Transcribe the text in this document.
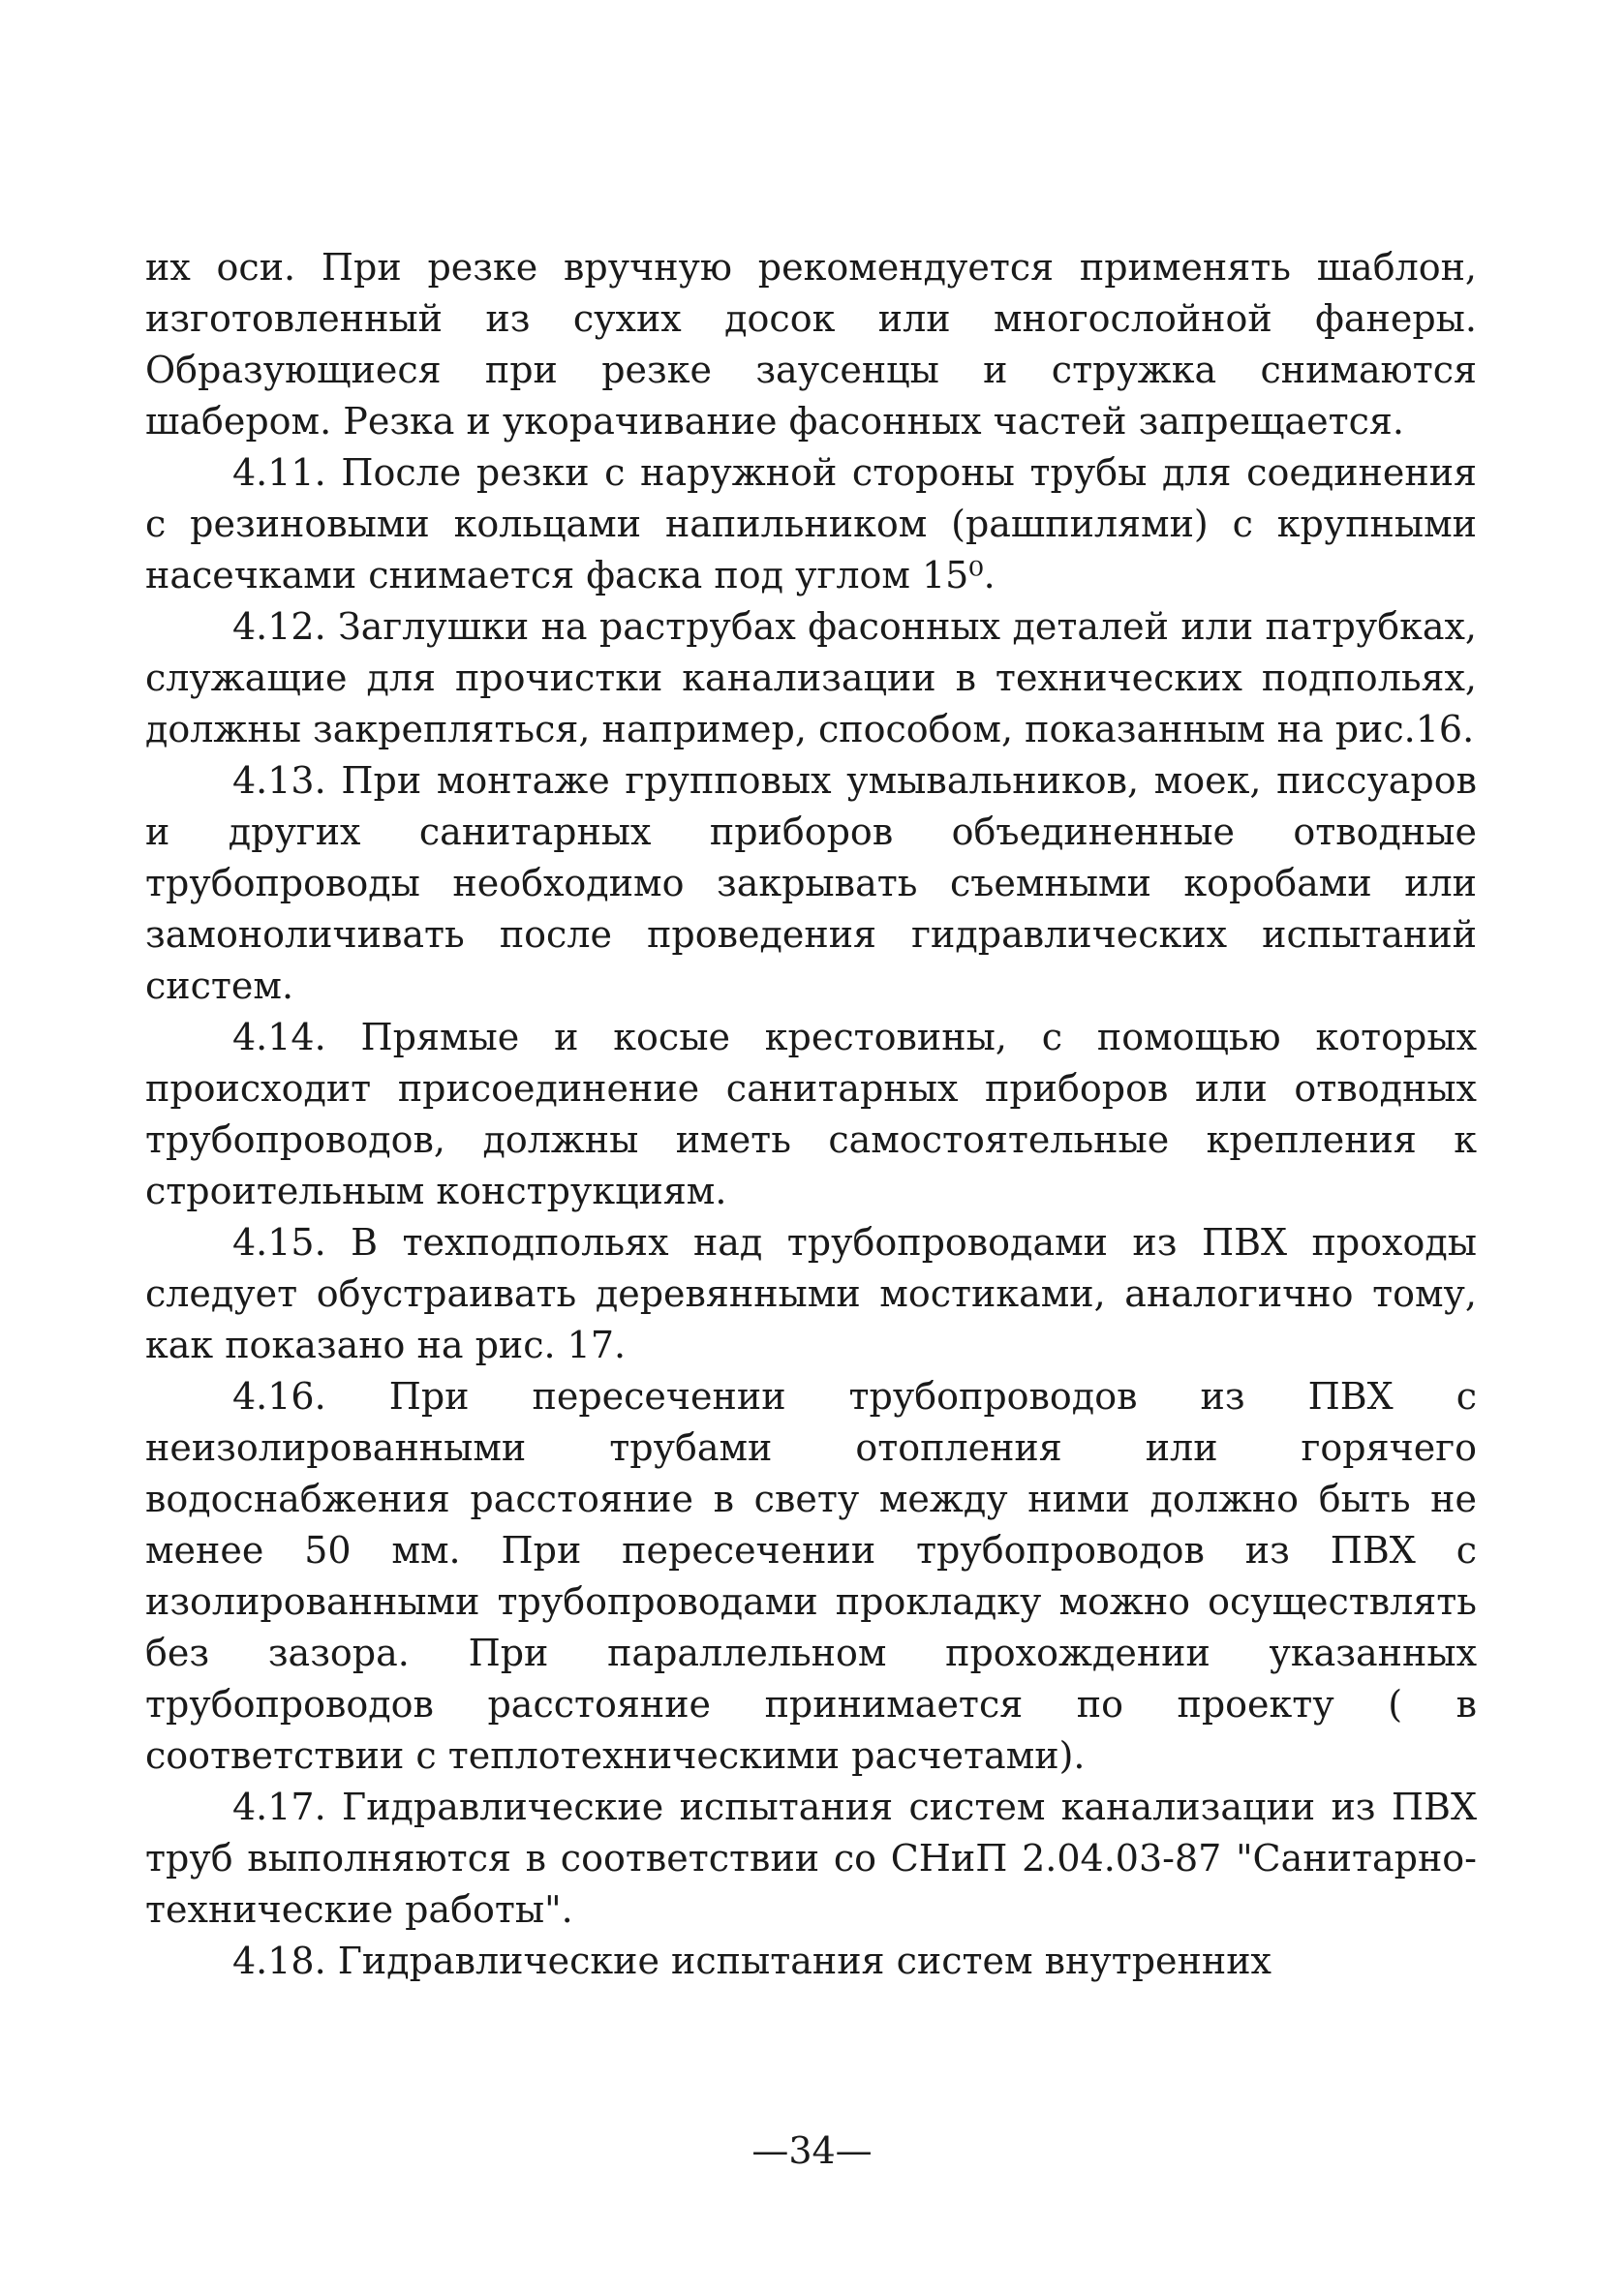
их оси. При резке вручную рекомендуется применять шаблон, изготовленный из сухих досок или многослойной фанеры. Образующиеся при резке заусенцы и стружка снимаются шабером. Резка и укорачивание фасонных частей запрещается.

4.11. После резки с наружной стороны трубы для соединения с резиновыми кольцами напильником (рашпилями) с крупными насечками снимается фаска под углом 15⁰.

4.12. Заглушки на раструбах фасонных деталей или патрубках, служащие для прочистки канализации в технических подпольях, должны закрепляться, например, способом, показанным на рис.16.

4.13. При монтаже групповых умывальников, моек, писсуаров и других санитарных приборов объединенные отводные трубопроводы необходимо закрывать съемными коробами или замоноличивать после проведения гидравлических испытаний систем.

4.14. Прямые и косые крестовины, с помощью которых происходит присоединение санитарных приборов или отводных трубопроводов, должны иметь самостоятельные крепления к строительным конструкциям.

4.15. В техподпольях над трубопроводами из ПВХ проходы следует обустраивать деревянными мостиками, аналогично тому, как показано на рис. 17.

4.16. При пересечении трубопроводов из ПВХ с неизолированными трубами отопления или горячего водоснабжения расстояние в свету между ними должно быть не менее 50 мм. При пересечении трубопроводов из ПВХ с изолированными трубопроводами прокладку можно осуществлять без зазора. При параллельном прохождении указанных трубопроводов расстояние принимается по проекту ( в соответствии с теплотехническими расчетами).

4.17. Гидравлические испытания систем канализации из ПВХ труб выполняются в соответствии со СНиП 2.04.03-87 "Санитарно-технические работы".

4.18. Гидравлические испытания систем внутренних

—34—
